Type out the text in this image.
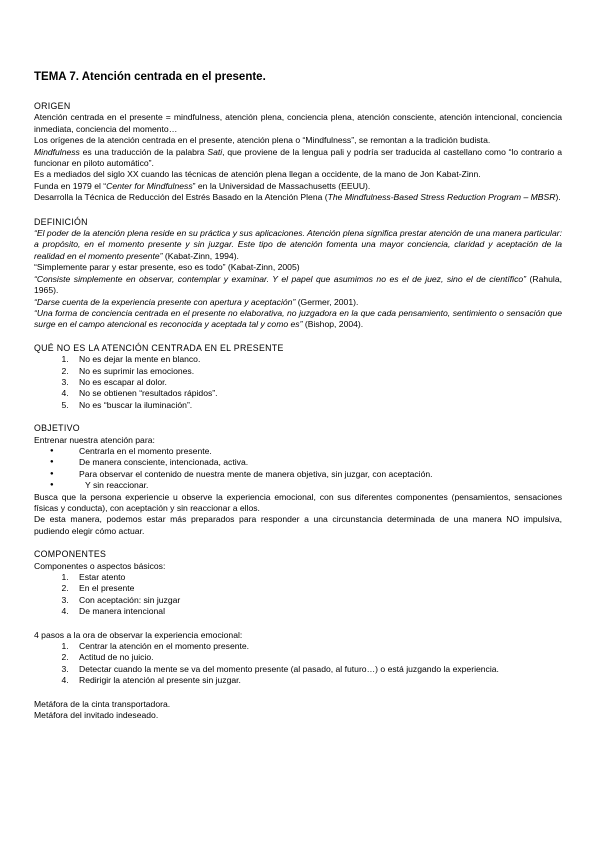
TEMA 7. Atención centrada en el presente.
ORIGEN

Atención centrada en el presente = mindfulness, atención plena, conciencia plena, atención consciente, atención intencional, conciencia inmediata, conciencia del momento…

Los orígenes de la atención centrada en el presente, atención plena o “Mindfulness”, se remontan a la tradición budista.

Mindfulness es una traducción de la palabra Sati, que proviene de la lengua pali y podría ser traducida al castellano como “lo contrario a funcionar en piloto automático”.

Es a mediados del siglo XX cuando las técnicas de atención plena llegan a occidente, de la mano de Jon Kabat-Zinn.

Funda en 1979 el “Center for Mindfulness” en la Universidad de Massachusetts (EEUU).

Desarrolla la Técnica de Reducción del Estrés Basado en la Atención Plena (The Mindfulness-Based Stress Reduction Program – MBSR).

DEFINICIÓN

“El poder de la atención plena reside en su práctica y sus aplicaciones. Atención plena significa prestar atención de una manera particular: a propósito, en el momento presente y sin juzgar. Este tipo de atención fomenta una mayor conciencia, claridad y aceptación de la realidad en el momento presente” (Kabat-Zinn, 1994).

“Simplemente parar y estar presente, eso es todo” (Kabat-Zinn, 2005)

“Consiste simplemente en observar, contemplar y examinar. Y el papel que asumimos no es el de juez, sino el de científico” (Rahula, 1965).

“Darse cuenta de la experiencia presente con apertura y aceptación” (Germer, 2001).

“Una forma de conciencia centrada en el presente no elaborativa, no juzgadora en la que cada pensamiento, sentimiento o sensación que surge en el campo atencional es reconocida y aceptada tal y como es” (Bishop, 2004).

QUÉ NO ES LA ATENCIÓN CENTRADA EN EL PRESENTE
1. No es dejar la mente en blanco.
2. No es suprimir las emociones.
3. No es escapar al dolor.
4. No se obtienen “resultados rápidos”.
5. No es “buscar la iluminación”.
OBJETIVO

Entrenar nuestra atención para:

● Centrarla en el momento presente.
● De manera consciente, intencionada, activa.
● Para observar el contenido de nuestra mente de manera objetiva, sin juzgar, con aceptación.
● Y sin reaccionar.

Busca que la persona experiencie u observe la experiencia emocional, con sus diferentes componentes (pensamientos, sensaciones físicas y conducta), con aceptación y sin reaccionar a ellos.

De esta manera, podemos estar más preparados para responder a una circunstancia determinada de una manera NO impulsiva, pudiendo elegir cómo actuar.

COMPONENTES

Componentes o aspectos básicos:

1. Estar atento
2. En el presente
3. Con aceptación: sin juzgar
4. De manera intencional

4 pasos a la ora de observar la experiencia emocional:

1. Centrar la atención en el momento presente.
2. Actitud de no juicio.
3. Detectar cuando la mente se va del momento presente (al pasado, al futuro…) o está juzgando la experiencia.
4. Redirigir la atención al presente sin juzgar.

Metáfora de la cinta transportadora.

Metáfora del invitado indeseado.
